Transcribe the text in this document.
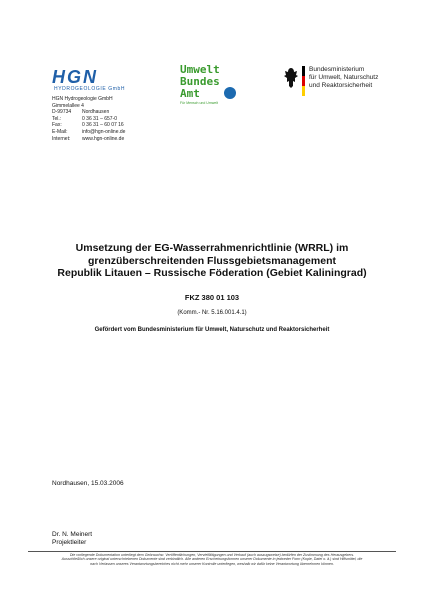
HGN
HYDROGEOLOGIE GmbH
HGN Hydrogeologie GmbH
Gimmelallee 4
D-99734	Nordhausen
Tel.:	0 36 31 – 657-0
Fax:	0 36 31 – 60 07 16
E-Mail:	info@hgn-online.de
Internet:	www.hgn-online.de
Umwelt
Bundes
Amt
Für Mensch und Umwelt
Bundesministerium
für Umwelt, Naturschutz
und Reaktorsicherheit
Umsetzung der EG-Wasserrahmenrichtlinie (WRRL) im
grenzüberschreitenden Flussgebietsmanagement
Republik Litauen – Russische Föderation (Gebiet Kaliningrad)
FKZ 380 01 103
(Komm.- Nr. 5.16.001.4.1)
Gefördert vom Bundesministerium für Umwelt, Naturschutz und Reaktorsicherheit
Nordhausen, 15.03.2006
Dr. N. Meinert
Projektleiter
Die vorliegende Dokumentation unterliegt dem Gebrauchsr. Veröffentlichungen, Vervielfältigungen und Verkauf (auch auszugsweise) bedürfen der Zustimmung des Herausgebers.
Ausschließlich unsere original unterschriebenen Dokumente sind verbindlich. Alle anderen Erscheinungsformen unserer Dokumente in jedweder Form (Kopie, Datei o. ä.) sind Hilfsmittel, die
nach Verlassen unseres Verantwortungsbereiches nicht mehr unserer Kontrolle unterliegen, weshalb wir dafür keine Verantwortung übernehmen können.
